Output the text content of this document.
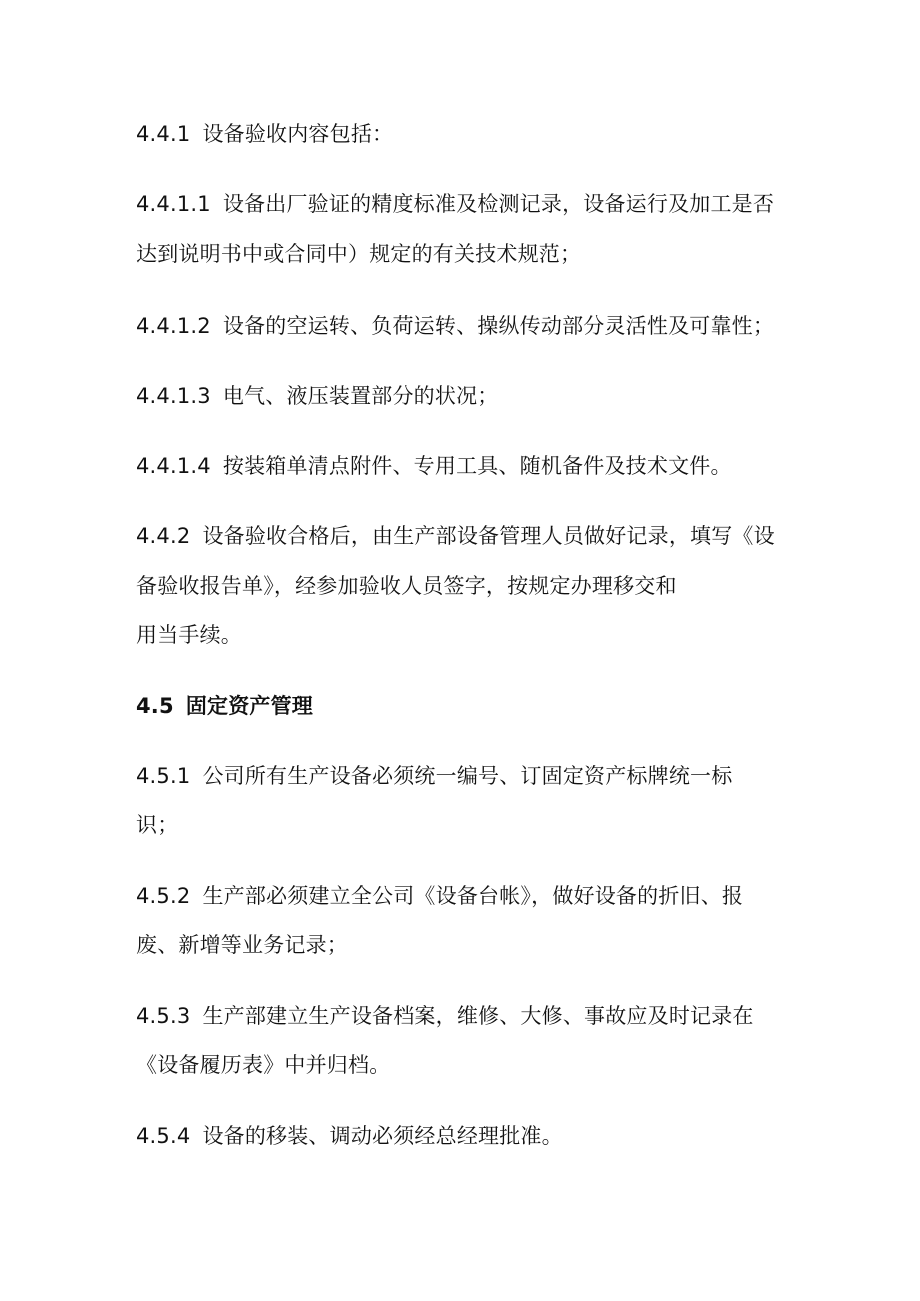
4.4.1 设备验收内容包括：
4.4.1.1 设备出厂验证的精度标准及检测记录，设备运行及加工是否
达到说明书中或合同中）规定的有关技术规范；
4.4.1.2 设备的空运转、负荷运转、操纵传动部分灵活性及可靠性；
4.4.1.3 电气、液压装置部分的状况；
4.4.1.4 按装箱单清点附件、专用工具、随机备件及技术文件。
4.4.2 设备验收合格后，由生产部设备管理人员做好记录，填写《设
备验收报告单》，经参加验收人员签字，按规定办理移交和
用当手续。
4.5 固定资产管理
4.5.1 公司所有生产设备必须统一编号、订固定资产标牌统一标
识；
4.5.2 生产部必须建立全公司《设备台帐》，做好设备的折旧、报
废、新增等业务记录；
4.5.3 生产部建立生产设备档案，维修、大修、事故应及时记录在
《设备履历表》中并归档。
4.5.4 设备的移装、调动必须经总经理批准。
